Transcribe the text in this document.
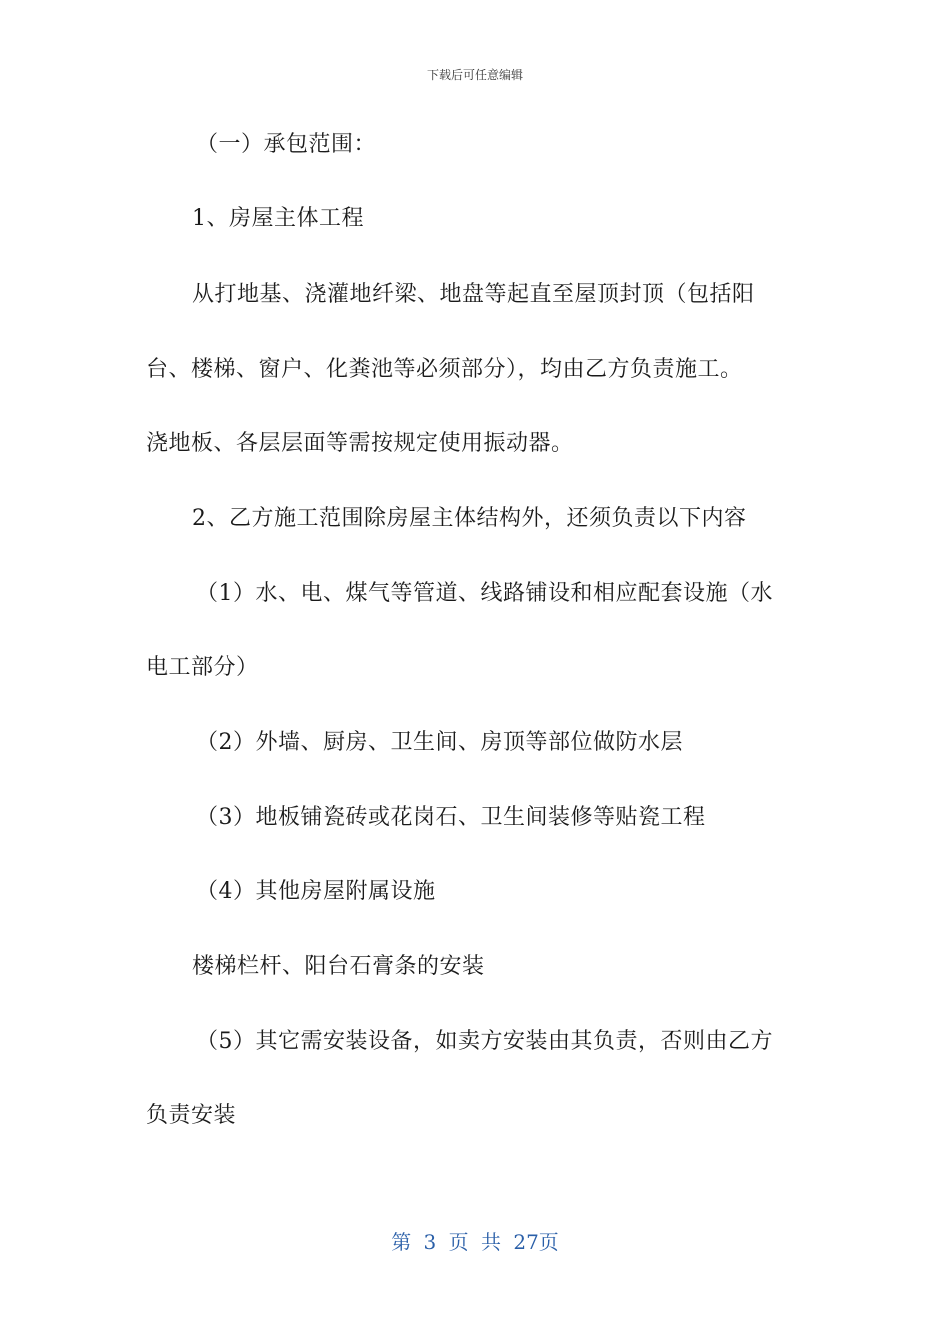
下载后可任意编辑
（一）承包范围：
1、房屋主体工程
从打地基、浇灌地纤梁、地盘等起直至屋顶封顶（包括阳
台、楼梯、窗户、化粪池等必须部分），均由乙方负责施工。
浇地板、各层层面等需按规定使用振动器。
2、乙方施工范围除房屋主体结构外，还须负责以下内容
（1）水、电、煤气等管道、线路铺设和相应配套设施（水
电工部分）
（2）外墙、厨房、卫生间、房顶等部位做防水层
（3）地板铺瓷砖或花岗石、卫生间装修等贴瓷工程
（4）其他房屋附属设施
楼梯栏杆、阳台石膏条的安装
（5）其它需安装设备，如卖方安装由其负责，否则由乙方
负责安装
第 3 页 共 27页
